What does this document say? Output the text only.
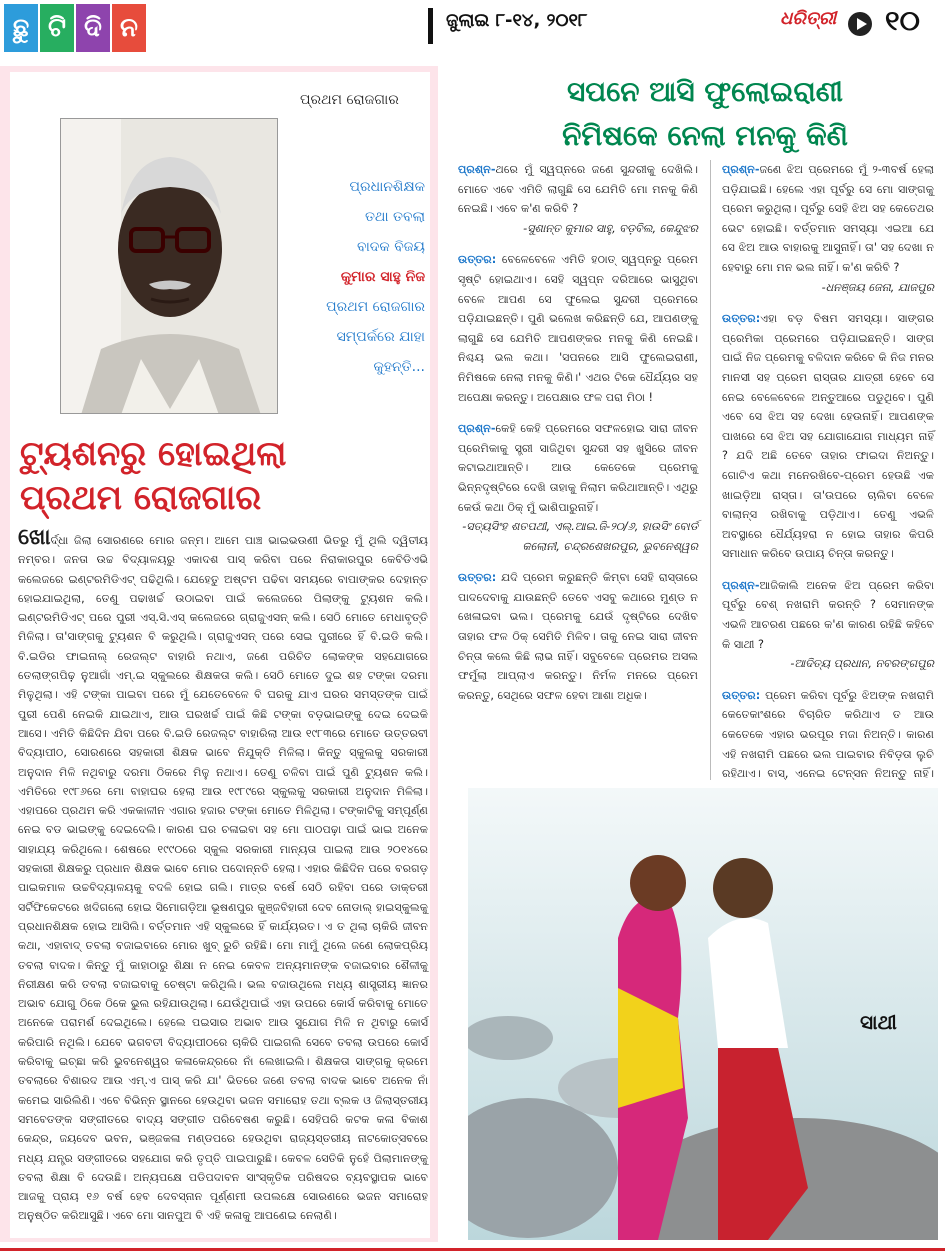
ଛୁ ଟି ଦି ନ	ଜୁଲାଇ ୮-୧୪, ୨୦୧୮	ଧରିତ୍ରୀ ୧୦
ପ୍ରଥମ ରୋଜଗାର
ପ୍ରଧାନଶିକ୍ଷକ
ତଥା ତବଲା
ବାଦକ ବିଜୟ
କୁମାର ସାହୁ ନିଜ
ପ୍ରଥମ ରୋଜଗାର
ସମ୍ପର୍କରେ ଯାହା
କୁହନ୍ତି...
ଟ୍ୟୁଶନରୁ ହୋଇଥିଲା
ପ୍ରଥମ ରୋଜଗାର
ଖୋର୍ଦ୍ଧା ଜିଲା ସୋରଣରେ ମୋର ଜନ୍ମ। ଆମେ ପାଞ୍ଚ ଭାଇଭଉଣୀ ଭିତରୁ ମୁଁ ଥିଲି ଦ୍ୱିତୀୟ ନମ୍ବର। ଜନତା ଉଚ୍ଚ ବିଦ୍ୟାଳୟରୁ ଏକାଦଶ ପାସ୍ କରିବା ପରେ ନିରାକାରପୁର କେବିଡିଏଭି କଲେଜରେ ଇଣ୍ଟରମିଡିଏଟ୍ ପଢିଥିଲି। ଯେହେତୁ ଅଷ୍ଟମ ପଢିବା ସମୟରେ ବାପାଙ୍କର ଦେହାନ୍ତ ହୋଇଯାଇଥିଲା, ତେଣୁ ପଢାଖର୍ଚ୍ଚ ଉଠାଇବା ପାଇଁ କଲେଜରେ ପିଲାଙ୍କୁ ଟ୍ୟୁଶନ କଲି। ଇଣ୍ଟରମିଡିଏଟ୍ ପରେ ପୁରୀ ଏସ୍.ସି.ଏସ୍ କଲେଜରେ ଗ୍ରାଜୁଏସନ୍ କଲି। ସେଠି ମୋତେ ମେଧାବୃତ୍ତି ମିଳିଲା। ତା'ସାଙ୍ଗକୁ ଟ୍ୟୁଶନ ବି କରୁଥିଲି। ଗ୍ରାଜୁଏସନ୍ ପରେ ସେଇ ପୁରୀରେ ହିଁ ବି.ଇଡି କଲି। ବି.ଇଡିର ଫାଇନାଲ୍ ରେଜଲ୍ଟ ବାହାରି ନଥାଏ, ଜଣେ ପରିଚିତ ଲୋକଙ୍କ ସହଯୋଗରେ ତେଲାଙ୍ଗପିଢ଼ ନୁଆଗାଁ ଏମ୍.ଇ ସ୍କୁଲରେ ଶିକ୍ଷକତା କଲି। ସେଠି ମୋତେ ଦୁଇ ଶହ ଟଙ୍କା ଦରମା ମିଳୁଥିଲା। ଏହି ଟଙ୍କା ପାଇବା ପରେ ମୁଁ ଯେତେବେଳେ ବି ଘରକୁ ଯାଏ ଘରର ସମସ୍ତଙ୍କ ପାଇଁ ପୁରୀ ପେଣି ନେଇକି ଯାଇଥାଏ, ଆଉ ଘରଖର୍ଚ୍ଚ ପାଇଁ କିଛି ଟଙ୍କା ବଡ଼ଭାଇଙ୍କୁ ଦେଇ ଦେଇକି ଆସେ। ଏମିତି କିଛିଦିନ ଯିବା ପରେ ବି.ଇଡି ରେଜଲ୍ଟ ବାହାରିଲା ଆଉ ୧୯୮୩ରେ ମୋତେ ଉତ୍ତରବୀ ବିଦ୍ୟାପୀଠ, ସୋରଣରେ ସହକାରୀ ଶିକ୍ଷକ ଭାବେ ନିଯୁକ୍ତି ମିଳିଲା। କିନ୍ତୁ ସ୍କୁଲକୁ ସରକାରୀ ଅନୁଦାନ ମିଳି ନଥିବାରୁ ଦରମା ଠିକରେ ମିଳୁ ନଥାଏ। ତେଣୁ ଚଳିବା ପାଇଁ ପୁଣି ଟ୍ୟୁଶନ କଲି। ଏମିତିରେ ୧୯୮୬ରେ ମୋ ବାହାଘର ହେଲା ଆଉ ୧୯୮୯ରେ ସ୍କୁଲକୁ ସରକାରୀ ଅନୁଦାନ ମିଳିଲା। ଏହାପରେ ପ୍ରଥମ କରି ଏକକାଳୀନ ଏଗାର ହଜାର ଟଙ୍କା ମୋତେ ମିଳିଥିଲା। ଟଙ୍କାଟିକୁ ସମ୍ପୂର୍ଣ୍ଣ ନେଇ ବଡ ଭାଇଙ୍କୁ ଦେଇଦେଲି। କାରଣ ଘର ଚଳାଇବା ସହ ମୋ ପାଠପଢ଼ା ପାଇଁ ଭାଇ ଅନେକ ସାହାଯ୍ୟ କରିଥିଲେ। ଶେଷରେ ୧୯୯୦ରେ ସ୍କୁଲ ସରକାରୀ ମାନ୍ୟତା ପାଇଲା ଆଉ ୨୦୧୪ରେ ସହକାରୀ ଶିକ୍ଷକରୁ ପ୍ରଧାନ ଶିକ୍ଷକ ଭାବେ ମୋର ପଦୋନ୍ନତି ହେଲା। ଏହାର କିଛିଦିନ ପରେ ବରଗଡ଼ ପାଇକମାଳ ଉଚ୍ଚବିଦ୍ୟାଳୟକୁ ବଦଳି ହୋଇ ଗଲି। ମାତ୍ର ବର୍ଷେ ସେଠି ରହିବା ପରେ ଡାକ୍ତରୀ ସର୍ଟିଫିକେଟରେ ଖଦିଗଲୋ ହୋଇ ସିମୋଗଡ଼ିଆ ଭୂଷଣପୁର କୁଞ୍ଜବିହାରୀ ଦେବ ନୋଡାଲ୍ ହାଇସ୍କୁଲକୁ ପ୍ରଧାନଶିକ୍ଷକ ହୋଇ ଆସିଲି। ବର୍ତ୍ତମାନ ଏହି ସ୍କୁଲରେ ହିଁ କାର୍ଯ୍ୟରତ। ଏ ତ ଥିଲା ଚାକିରି ଜୀବନ କଥା, ଏହାବାଦ୍ ତବଲା ବଜାଇବାରେ ମୋର ଖୁବ୍ ରୁଚି ରହିଛି। ମୋ ମାମୁଁ ଥିଲେ ଜଣେ ଲୋକପ୍ରିୟ ତବଲା ବାଦକ। କିନ୍ତୁ ମୁଁ କାହାଠାରୁ ଶିକ୍ଷା ନ ନେଇ କେବଳ ଅନ୍ୟମାନଙ୍କ ବଜାଇବାର ଶୈଳୀକୁ ନିରୀକ୍ଷଣ କରି ତବଲା ବଜାଇବାକୁ ଚେଷ୍ଟା କରିଥିଲି। ଭଲ ବଜାଉଥିଲେ ମଧ୍ୟ ଶାସ୍ତ୍ରୀୟ ଜ୍ଞାନର ଅଭାବ ଯୋଗୁ ଠିକେ ଠିକେ ଭୁଲ ରହିଯାଉଥିଲା। ଯେଉଁଥିପାଇଁ ଏହା ଉପରେ କୋର୍ସ କରିବାକୁ ମୋତେ ଅନେକେ ପରାମର୍ଶ ଦେଇଥିଲେ। ହେଲେ ପଇସାର ଅଭାବ ଆଉ ସୁଯୋଗ ମିଳି ନ ଥିବାରୁ କୋର୍ସ କରିପାରି ନଥିଲି। ଯେବେ ଭଗବତୀ ବିଦ୍ୟାପୀଠରେ ଚାକିରି ପାଇଗଲି ସେବେ ତବଲା ଉପରେ କୋର୍ସ କରିବାକୁ ଇଚ୍ଛା କରି ଭୁବନେଶ୍ୱର କଳାକେନ୍ଦ୍ରରେ ନାଁ ଲେଖାଇଲି। ଶିକ୍ଷକତା ସାଙ୍ଗକୁ କ୍ରମେ ତବଲାରେ ବିଶାରଦ ଆଉ ଏମ୍.ଏ ପାସ୍ କରି ଯା' ଭିତରେ ଜଣେ ତବଲା ବାଦକ ଭାବେ ଅନେକ ନାଁ କମେଇ ସାରିଲିଣି। ଏବେ ବିଭିନ୍ନ ସ୍ଥାନରେ ହେଉଥିବା ଭଜନ ସମାରୋହ ତଥା ବ୍ଲକ ଓ ଜିଲାସ୍ତରୀୟ ସମବେତଙ୍କ ସଙ୍ଗୀତରେ ବାଦ୍ୟ ସଙ୍ଗୀତ ପରିବେଷଣ କରୁଛି। ସେହିପରି କଟକ କଳା ବିକାଶ କେନ୍ଦ୍ର, ଜୟଦେବ ଭବନ, ଭଞ୍ଜକଳା ମଣ୍ଡପରେ ହେଉଥିବା ରାଜ୍ୟସ୍ତରୀୟ ନାଟକୋତ୍ସବରେ ମଧ୍ୟ ଯନ୍ତ୍ର ସଙ୍ଗୀତରେ ସହଯୋଗ କରି ତୃପ୍ତି ପାଇପାରୁଛି। କେବଳ ସେତିକି ନୁହେଁ ପିଲାମାନଙ୍କୁ ତବଲା ଶିକ୍ଷା ବି ଦେଉଛି। ଅନ୍ୟପକ୍ଷେ ପଡିପଦାବନ ସାଂସ୍କୃତିକ ପରିଷଦର ବ୍ୟବସ୍ଥାପକ ଭାବେ ଆଜକୁ ପ୍ରାୟ ୧୬ ବର୍ଷ ହେବ ଦେବସ୍ନାନ ପୂର୍ଣ୍ଣମୀ ଉପଲକ୍ଷେ ସୋରଣରେ ଭଜନ ସମାରୋହ ଅନୁଷ୍ଠିତ କରିଆସୁଛି। ଏବେ ମୋ ସାନପୁଅ ବି ଏହି କଳାକୁ ଆପଣେଇ ନେଲାଣି।
ସପନେ ଆସି ଫୁଲୋଇରାଣୀ
ନିମିଷକେ ନେଲା ମନକୁ କିଣି
ପ୍ରଶ୍ନ-ଥରେ ମୁଁ ସ୍ୱପ୍ନରେ ଜଣେ ସୁନ୍ଦରୀକୁ ଦେଖିଲି। ମୋତେ ଏବେ ଏମିତି ଲାଗୁଛି ସେ ଯେମିତି ମୋ ମନକୁ କିଣି ନେଇଛି। ଏବେ କ'ଣ କରିବି ?
-ସୁଶାନ୍ତ କୁମାର ସାହୁ, ବଡ଼ବିଲ, କେନ୍ଦୁଝର
ଉତ୍ତର: ବେଳେବେଳେ ଏମିତି ହଠାତ୍ ସ୍ୱପ୍ନରୁ ପ୍ରେମ ସୃଷ୍ଟି ହୋଇଥାଏ। ସେହି ସ୍ୱପ୍ନ ଦରିଆରେ ଭାସୁଥିବା ବେଳେ ଆପଣ ସେ ଫୁଲେଇ ସୁନ୍ଦରୀ ପ୍ରେମରେ ପଡ଼ିଯାଇଛନ୍ତି। ପୁଣି ଭଲେଖ କରିଛନ୍ତି ଯେ, ଆପଣଙ୍କୁ ଲାଗୁଛି ସେ ଯେମିତି ଆପଣଙ୍କର ମନକୁ କିଣି ନେଇଛି। ନିଶ୍ଚୟ ଭଲ କଥା। 'ସପନରେ ଆସି ଫୁଲେଇରାଣୀ, ନିମିଷକେ ନେଲା ମନକୁ କିଣି।' ଏଥର ଟିକେ ଧୈର୍ଯ୍ୟର ସହ ଅପେକ୍ଷା କରନ୍ତୁ। ଅପେକ୍ଷାର ଫଳ ପରା ମିଠା !
ପ୍ରଶ୍ନ-କେହି କେହି ପ୍ରେମରେ ସଫଳହୋଇ ସାରା ଜୀବନ ପ୍ରେମିକାକୁ ସ୍ତ୍ରୀ ସାଜିଥିବା ସୁନ୍ଦରୀ ସହ ଖୁସିରେ ଜୀବନ କଟାଇଥାଆନ୍ତି। ଆଉ କେତେକେ ପ୍ରେମକୁ ଭିନ୍ନଦୃଷ୍ଟିରେ ଦେଖି ତାହାକୁ ନିଲାମ କରିଥାଆନ୍ତି। ଏଥିରୁ କେଉଁ କଥା ଠିକ୍ ମୁଁ ଭାଶିପାରୁନାହିଁ।
-ସତ୍ୟସିଂହ ଶତପଥୀ, ଏଲ୍.ଆଇ.ଜି-୨୦/୬, ହାଉସିଂ ବୋର୍ଡ କଲୋନୀ, ଚନ୍ଦ୍ରଶେଖରପୁର, ଭୁବନେଶ୍ୱର
ଉତ୍ତର: ଯଦି ପ୍ରେମ କରୁଛନ୍ତି କିମ୍ବା ସେହି ରାସ୍ତାରେ ପାଦଦେବାକୁ ଯାଉଛନ୍ତି ତେବେ ଏସବୁ କଥାରେ ମୁଣ୍ଡ ନ ଖେଳାଇବା ଭଲ। ପ୍ରେମକୁ ଯେଉଁ ଦୃଷ୍ଟିରେ ଦେଖିବ ତାହାର ଫଳ ଠିକ୍ ସେମିତି ମିଳିବ। ତାକୁ ନେଇ ସାରା ଜୀବନ ଚିନ୍ତା କଲେ କିଛି ଲାଭ ନାହିଁ। ସବୁବେଳେ ପ୍ରେମର ଅସଲ ଫର୍ମୁଲା ଆପ୍ଲାଏ କରନ୍ତୁ। ନିର୍ମଳ ମନରେ ପ୍ରେମ କରନ୍ତୁ, ସେଥିରେ ସଫଳ ହେବା ଆଶା ଅଧିକ।
ପ୍ରଶ୍ନ-ଜଣେ ଝିଅ ପ୍ରେମରେ ମୁଁ ୨-୩ବର୍ଷ ହେଲା ପଡ଼ିଯାଇଛି। ହେଲେ ଏହା ପୂର୍ବରୁ ସେ ମୋ ସାଙ୍ଗକୁ ପ୍ରେମ କରୁଥିଲା। ପୂର୍ବରୁ ସେହି ଝିଅ ସହ କେତେଥର ଭେଟ ହୋଇଛି। ବର୍ତ୍ତମାନ ସମସ୍ୟା ଏଇଆ ଯେ ସେ ଝିଅ ଆଉ ବାହାରକୁ ଆସୁନାହିଁ। ତା' ସହ ଦେଖା ନ ହେବାରୁ ମୋ ମନ ଭଲ ନାହିଁ। କ'ଣ କରିବି ?
-ଧନଞ୍ଜୟ ଜେନା, ଯାଜପୁର
ଉତ୍ତର:ଏହା ବଡ଼ ବିଷମ ସମସ୍ୟା। ସାଙ୍ଗର ପ୍ରେମିକା ପ୍ରେମରେ ପଡ଼ିଯାଇଛନ୍ତି। ସାଙ୍ଗ ପାଇଁ ନିଜ ପ୍ରେମକୁ ବଳିଦାନ କରିବେ କି ନିଜ ମନର ମାନସୀ ସହ ପ୍ରେମ ରାସ୍ତାର ଯାତ୍ରୀ ହେବେ ସେ ନେଇ ବେଳେବେଳେ ଅନ୍ତୁଆରେ ପଡୁଥିବେ। ପୁଣି ଏବେ ସେ ଝିଅ ସହ ଦେଖା ହେଉନାହିଁ। ଆପଣଙ୍କ ପାଖରେ ସେ ଝିଅ ସହ ଯୋଗାଯୋଗ ମାଧ୍ୟମ ନାହିଁ ? ଯଦି ଅଛି ତେବେ ତାହାର ଫାଇଦା ନିଅନ୍ତୁ। ଗୋଟିଏ କଥା ମନେରଖିବେ-ପ୍ରେମ ହେଉଛି ଏକ ଖାଇଡ଼ିଆ ରାସ୍ତା। ତା'ଉପରେ ଚାଲିବା ବେଳେ ବାଲାନ୍ସ ରଖିବାକୁ ପଡ଼ିଥାଏ। ତେଣୁ ଏଭଳି ଅବସ୍ଥାରେ ଧୈର୍ଯ୍ୟହରା ନ ହୋଇ ତାହାର କିପରି ସମାଧାନ କରିବେ ଉପାୟ ଚିନ୍ତା କରନ୍ତୁ।
ପ୍ରଶ୍ନ-ଆଜିକାଲି ଅନେକ ଝିଅ ପ୍ରେମ କରିବା ପୂର୍ବରୁ ବେଶ୍ ନଖରାମି କରନ୍ତି ? ସେମାନଙ୍କ ଏଭଳି ଆଚରଣ ପଛରେ କ'ଣ କାରଣ ରହିଛି କହିବେ କି ସାଥୀ ?
-ଆଦିତ୍ୟ ପ୍ରଧାନ, ନବରଙ୍ଗପୁର
ଉତ୍ତର: ପ୍ରେମ କରିବା ପୂର୍ବରୁ ଝିଅଙ୍କ ନଖରାମି କେତେକାଂଶରେ ବିଚାରିତ କରିଥାଏ ତ ଆଉ କେତେକେ ଏହାର ଭରପୂର ମଜା ନିଅନ୍ତି। କାରଣ ଏହି ନଖରାମି ପଛରେ ଭଲ ପାଇବାର ନିବିଡ଼ତା ଲୁଚି ରହିଥାଏ। ବାସ୍, ଏନେଇ ଟେନ୍ସନ ନିଅନ୍ତୁ ନାହିଁ।
ସାଥୀ
